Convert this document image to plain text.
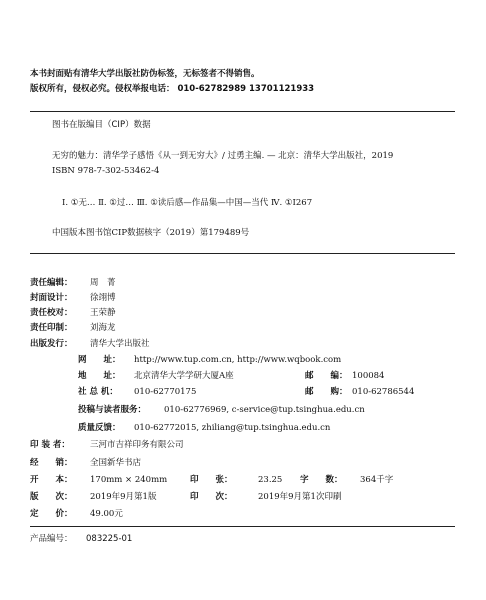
本书封面贴有清华大学出版社防伪标签，无标签者不得销售。
版权所有，侵权必究。侵权举报电话： 010-62782989 13701121933
图书在版编目（CIP）数据
无穷的魅力：清华学子感悟《从一到无穷大》/ 过勇主编. — 北京：清华大学出版社，2019
ISBN 978-7-302-53462-4
Ⅰ. ①无… Ⅱ. ①过… Ⅲ. ①读后感—作品集—中国—当代 Ⅳ. ①I267
中国版本图书馆CIP数据核字（2019）第179489号
责任编辑： 周　菁
封面设计： 徐翊博
责任校对： 王荣静
责任印制： 刘海龙
出版发行： 清华大学出版社
网　　址： http://www.tup.com.cn, http://www.wqbook.com
地　　址： 北京清华大学学研大厦A座	邮　　编： 100084
社 总 机： 010-62770175	邮　　购： 010-62786544
投稿与读者服务： 010-62776969, c-service@tup.tsinghua.edu.cn
质量反馈： 010-62772015, zhiliang@tup.tsinghua.edu.cn
印 装 者： 三河市吉祥印务有限公司
经　　销： 全国新华书店
开　　本： 170mm × 240mm	印　　张：	23.25 字　　数： 364千字
版　　次： 2019年9月第1版	印　　次：	2019年9月第1次印刷
定　　价： 49.00元
产品编号： 083225-01
